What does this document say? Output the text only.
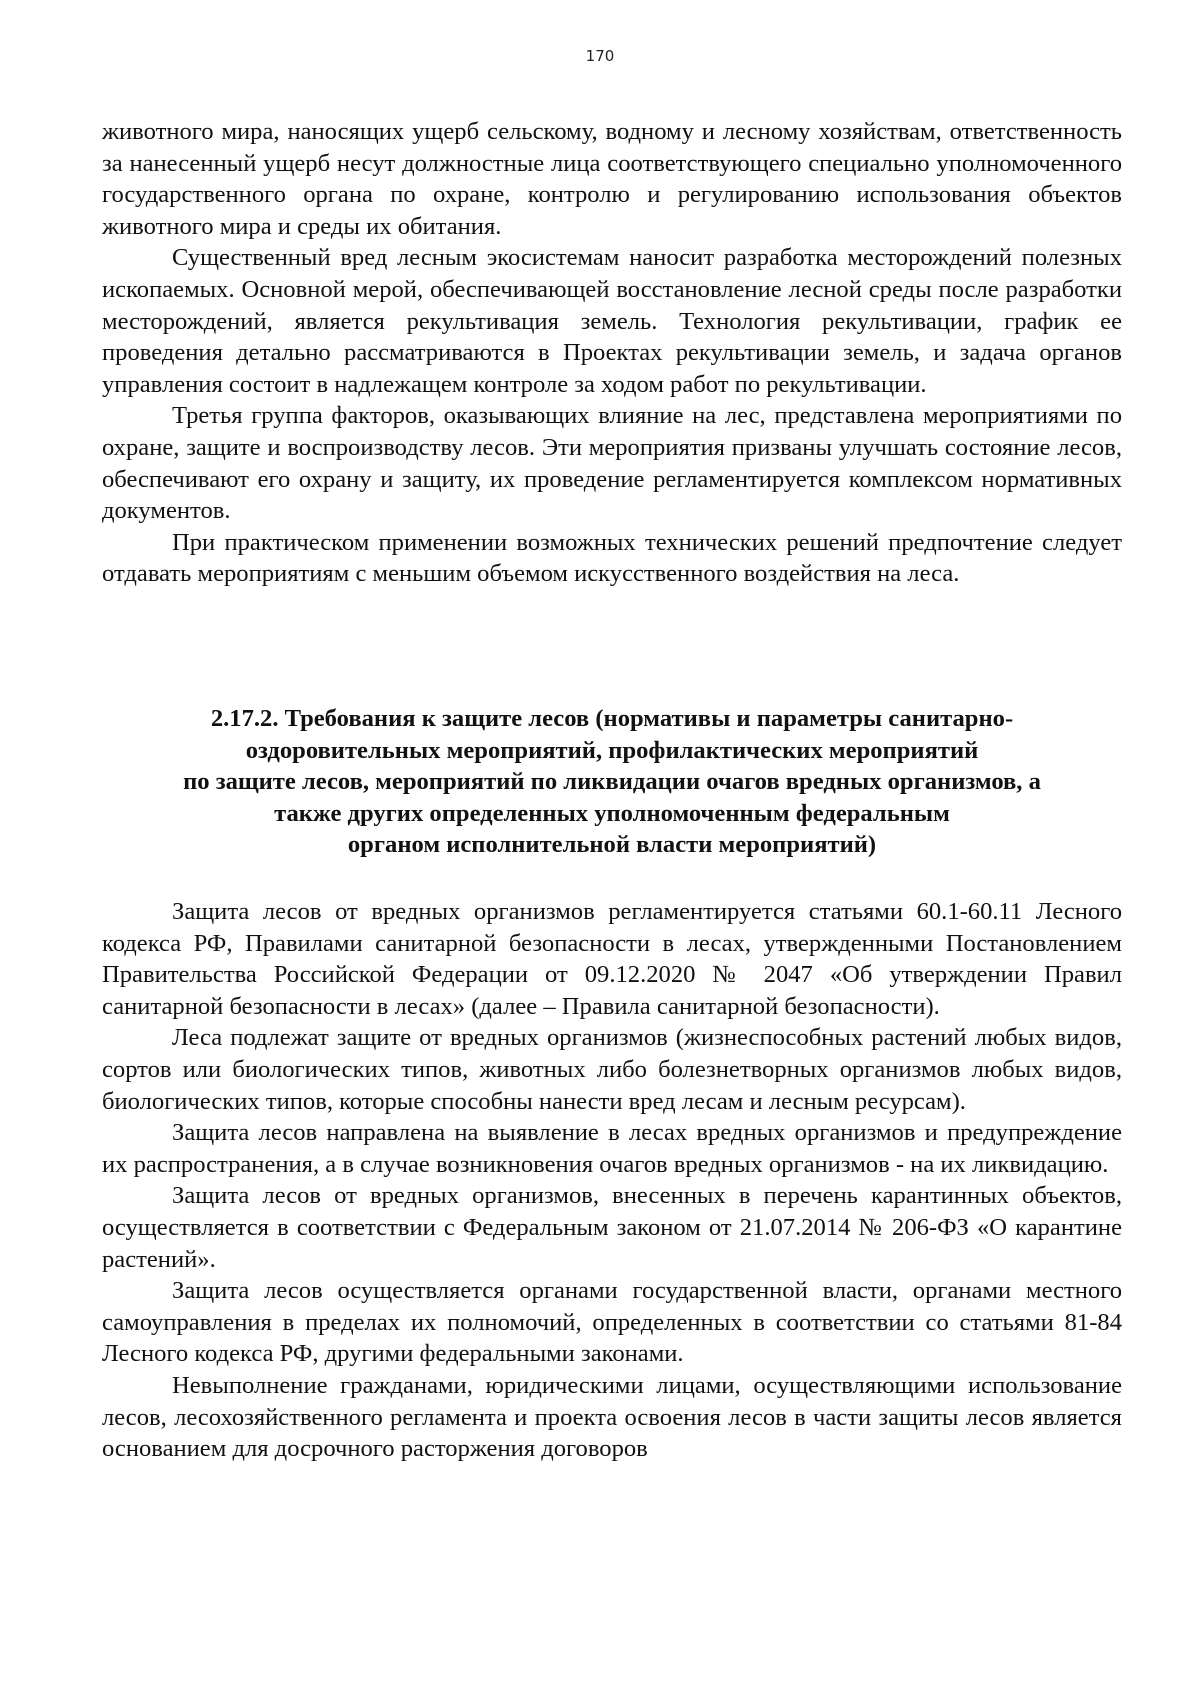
170

животного мира, наносящих ущерб сельскому, водному и лесному хозяйствам, ответственность за нанесенный ущерб несут должностные лица соответствующего специально уполномоченного государственного органа по охране, контролю и регулированию использования объектов животного мира и среды их обитания.

Существенный вред лесным экосистемам наносит разработка месторождений полезных ископаемых. Основной мерой, обеспечивающей восстановление лесной среды после разработки месторождений, является рекультивация земель. Технология рекультивации, график ее проведения детально рассматриваются в Проектах рекультивации земель, и задача органов управления состоит в надлежащем контроле за ходом работ по рекультивации.

Третья группа факторов, оказывающих влияние на лес, представлена мероприятиями по охране, защите и воспроизводству лесов. Эти мероприятия призваны улучшать состояние лесов, обеспечивают его охрану и защиту, их проведение регламентируется комплексом нормативных документов.

При практическом применении возможных технических решений предпочтение следует отдавать мероприятиям с меньшим объемом искусственного воздействия на леса.

2.17.2. Требования к защите лесов (нормативы и параметры санитарно-
оздоровительных мероприятий, профилактических мероприятий
по защите лесов, мероприятий по ликвидации очагов вредных организмов, а
также других определенных уполномоченным федеральным
органом исполнительной власти мероприятий)

Защита лесов от вредных организмов регламентируется статьями 60.1-60.11 Лесного кодекса РФ, Правилами санитарной безопасности в лесах, утвержденными Постановлением Правительства Российской Федерации от 09.12.2020 № 2047 «Об утверждении Правил санитарной безопасности в лесах» (далее – Правила санитарной безопасности).

Леса подлежат защите от вредных организмов (жизнеспособных растений любых видов, сортов или биологических типов, животных либо болезнетворных организмов любых видов, биологических типов, которые способны нанести вред лесам и лесным ресурсам).

Защита лесов направлена на выявление в лесах вредных организмов и предупреждение их распространения, а в случае возникновения очагов вредных организмов - на их ликвидацию.

Защита лесов от вредных организмов, внесенных в перечень карантинных объектов, осуществляется в соответствии с Федеральным законом от 21.07.2014 № 206-ФЗ «О карантине растений».

Защита лесов осуществляется органами государственной власти, органами местного самоуправления в пределах их полномочий, определенных в соответствии со статьями 81-84 Лесного кодекса РФ, другими федеральными законами.

Невыполнение гражданами, юридическими лицами, осуществляющими использование лесов, лесохозяйственного регламента и проекта освоения лесов в части защиты лесов является основанием для досрочного расторжения договоров
